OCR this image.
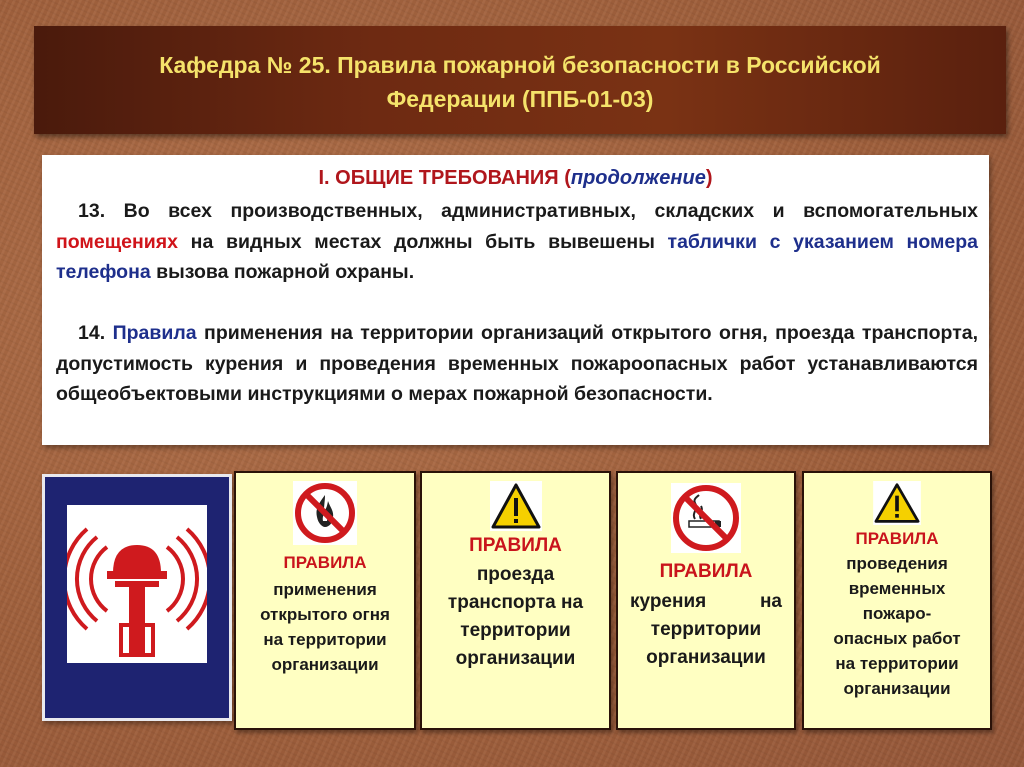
Кафедра № 25. Правила пожарной безопасности в Российской
Федерации (ППБ-01-03)
I. ОБЩИЕ ТРЕБОВАНИЯ (продолжение)
13. Во всех производственных, административных, складских и вспомогательных помещениях на видных местах должны быть вывешены таблички с указанием номера телефона вызова пожарной охраны.
14. Правила применения на территории организаций открытого огня, проезда транспорта, допустимость курения и проведения временных пожароопасных работ устанавливаются общеобъектовыми инструкциями о мерах пожарной безопасности.
ПРАВИЛА
применения
открытого огня
на территории
организации
ПРАВИЛА
проезда
транспорта на
территории
организации
ПРАВИЛА
курения	на
территории
организации
ПРАВИЛА
проведения
временных
пожаро-
опасных работ
на территории
организации
